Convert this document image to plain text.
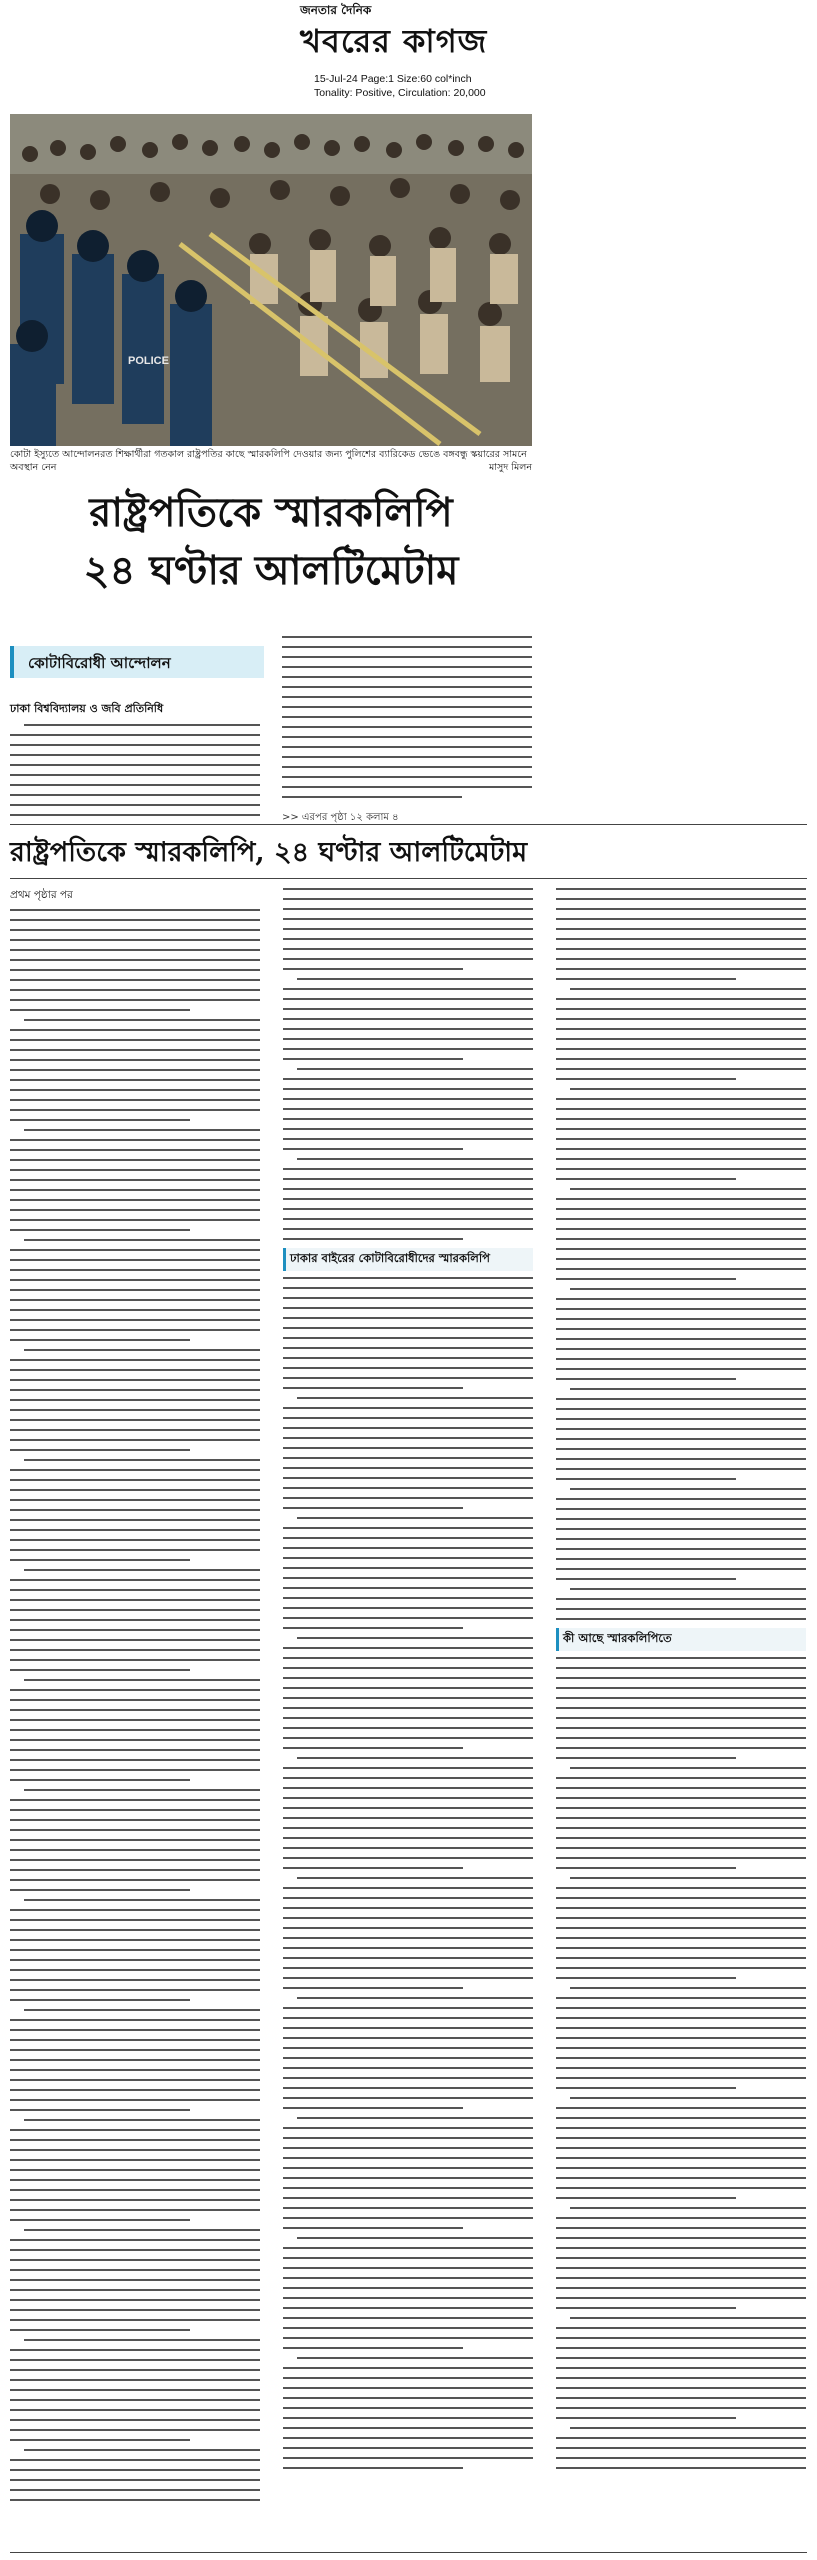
জনতার দৈনিক
খবরের কাগজ
15-Jul-24 Page:1 Size:60 col*inch
Tonality: Positive, Circulation: 20,000
POLICE
কোটা ইস্যুতে আন্দোলনরত শিক্ষার্থীরা গতকাল রাষ্ট্রপতির কাছে স্মারকলিপি দেওয়ার জন্য পুলিশের ব্যারিকেড ভেঙে বঙ্গবন্ধু স্কয়ারের সামনে অবস্থান নেন	মাসুদ মিলন
রাষ্ট্রপতিকে স্মারকলিপি
২৪ ঘণ্টার আলটিমেটাম
কোটাবিরোধী আন্দোলন
ঢাকা বিশ্ববিদ্যালয় ও জবি প্রতিনিধি
>> এরপর পৃষ্ঠা ১২ কলাম ৪
রাষ্ট্রপতিকে স্মারকলিপি, ২৪ ঘণ্টার আলটিমেটাম
প্রথম পৃষ্ঠার পর
ঢাকার বাইরের কোটাবিরোধীদের স্মারকলিপি
কী আছে স্মারকলিপিতে
